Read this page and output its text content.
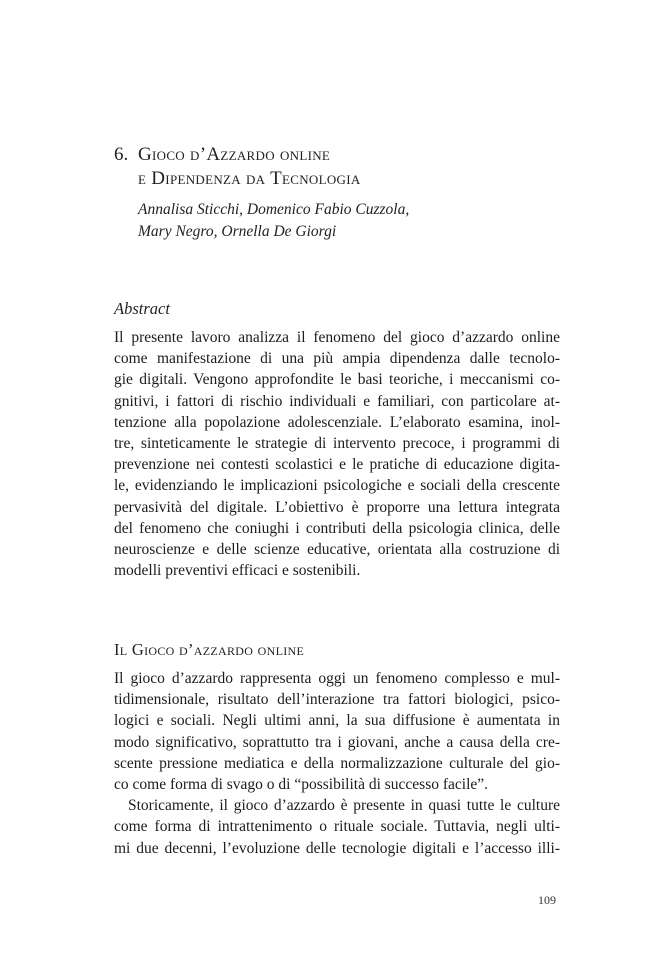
6. Gioco d’Azzardo online
e Dipendenza da Tecnologia
Annalisa Sticchi, Domenico Fabio Cuzzola,
Mary Negro, Ornella De Giorgi
Abstract
Il presente lavoro analizza il fenomeno del gioco d’azzardo online
come manifestazione di una più ampia dipendenza dalle tecnolo-
gie digitali. Vengono approfondite le basi teoriche, i meccanismi co-
gnitivi, i fattori di rischio individuali e familiari, con particolare at-
tenzione alla popolazione adolescenziale. L’elaborato esamina, inol-
tre, sinteticamente le strategie di intervento precoce, i programmi di
prevenzione nei contesti scolastici e le pratiche di educazione digita-
le, evidenziando le implicazioni psicologiche e sociali della crescente
pervasività del digitale. L’obiettivo è proporre una lettura integrata
del fenomeno che coniughi i contributi della psicologia clinica, delle
neuroscienze e delle scienze educative, orientata alla costruzione di
modelli preventivi efficaci e sostenibili.
Il Gioco d’azzardo online
Il gioco d’azzardo rappresenta oggi un fenomeno complesso e mul-
tidimensionale, risultato dell’interazione tra fattori biologici, psico-
logici e sociali. Negli ultimi anni, la sua diffusione è aumentata in
modo significativo, soprattutto tra i giovani, anche a causa della cre-
scente pressione mediatica e della normalizzazione culturale del gio-
co come forma di svago o di “possibilità di successo facile”.
Storicamente, il gioco d’azzardo è presente in quasi tutte le culture
come forma di intrattenimento o rituale sociale. Tuttavia, negli ulti-
mi due decenni, l’evoluzione delle tecnologie digitali e l’accesso illi-
109
